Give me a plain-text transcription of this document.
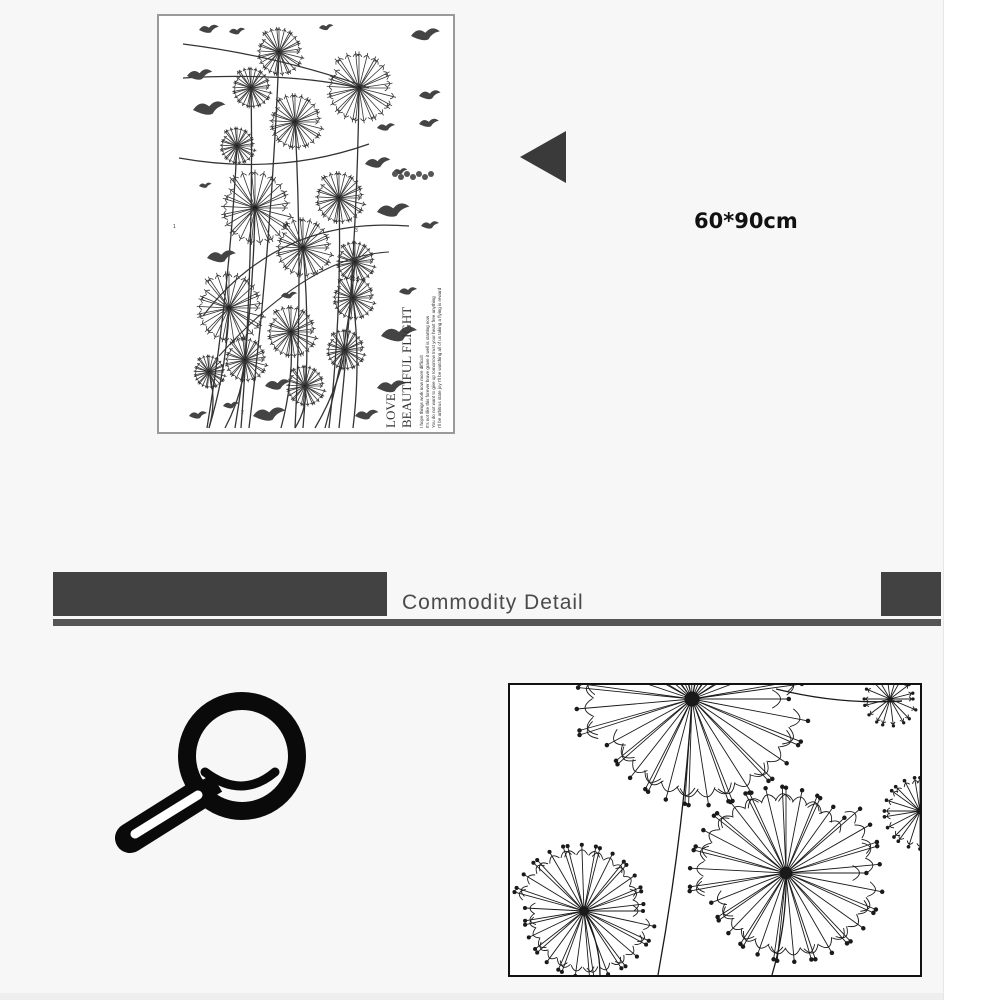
LOVE BEAUTIFUL FLIGHT I hope things work now more difficult It's not like this forever brave grave it well is starting now You do not want to give up tomorrow trust your heart free anything I'll be arbitrus state joy I'll be watching all of us taking a flying is reward
1
2
3	60*90cm
Commodity Detail
